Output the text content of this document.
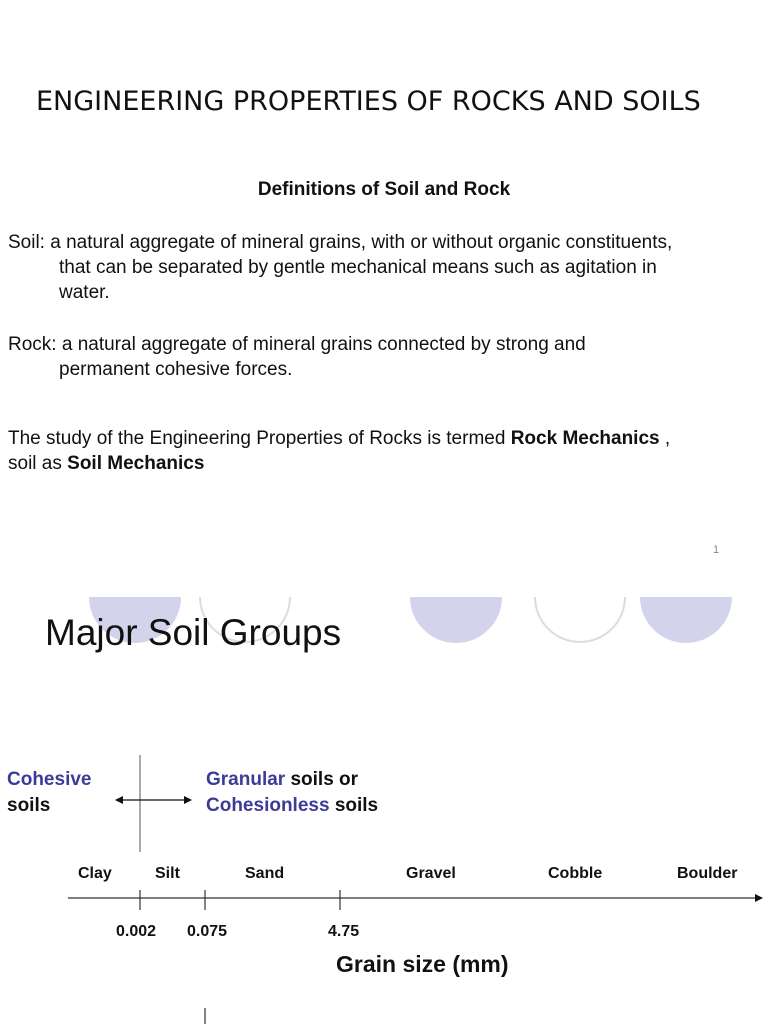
ENGINEERING PROPERTIES OF ROCKS AND SOILS
Definitions of Soil and Rock
Soil: a natural aggregate of mineral grains, with or without organic constituents,
that can be separated by gentle mechanical means such as agitation in
water.
Rock: a natural aggregate of mineral grains connected by strong and
permanent cohesive forces.
The study of the Engineering Properties of Rocks is termed Rock Mechanics ,
soil as Soil Mechanics
1
Major Soil Groups
Cohesive
soils
Granular soils or
Cohesionless soils
Clay	Silt	Sand	Gravel	Cobble	Boulder
0.002 0.075	4.75
Grain size (mm)
